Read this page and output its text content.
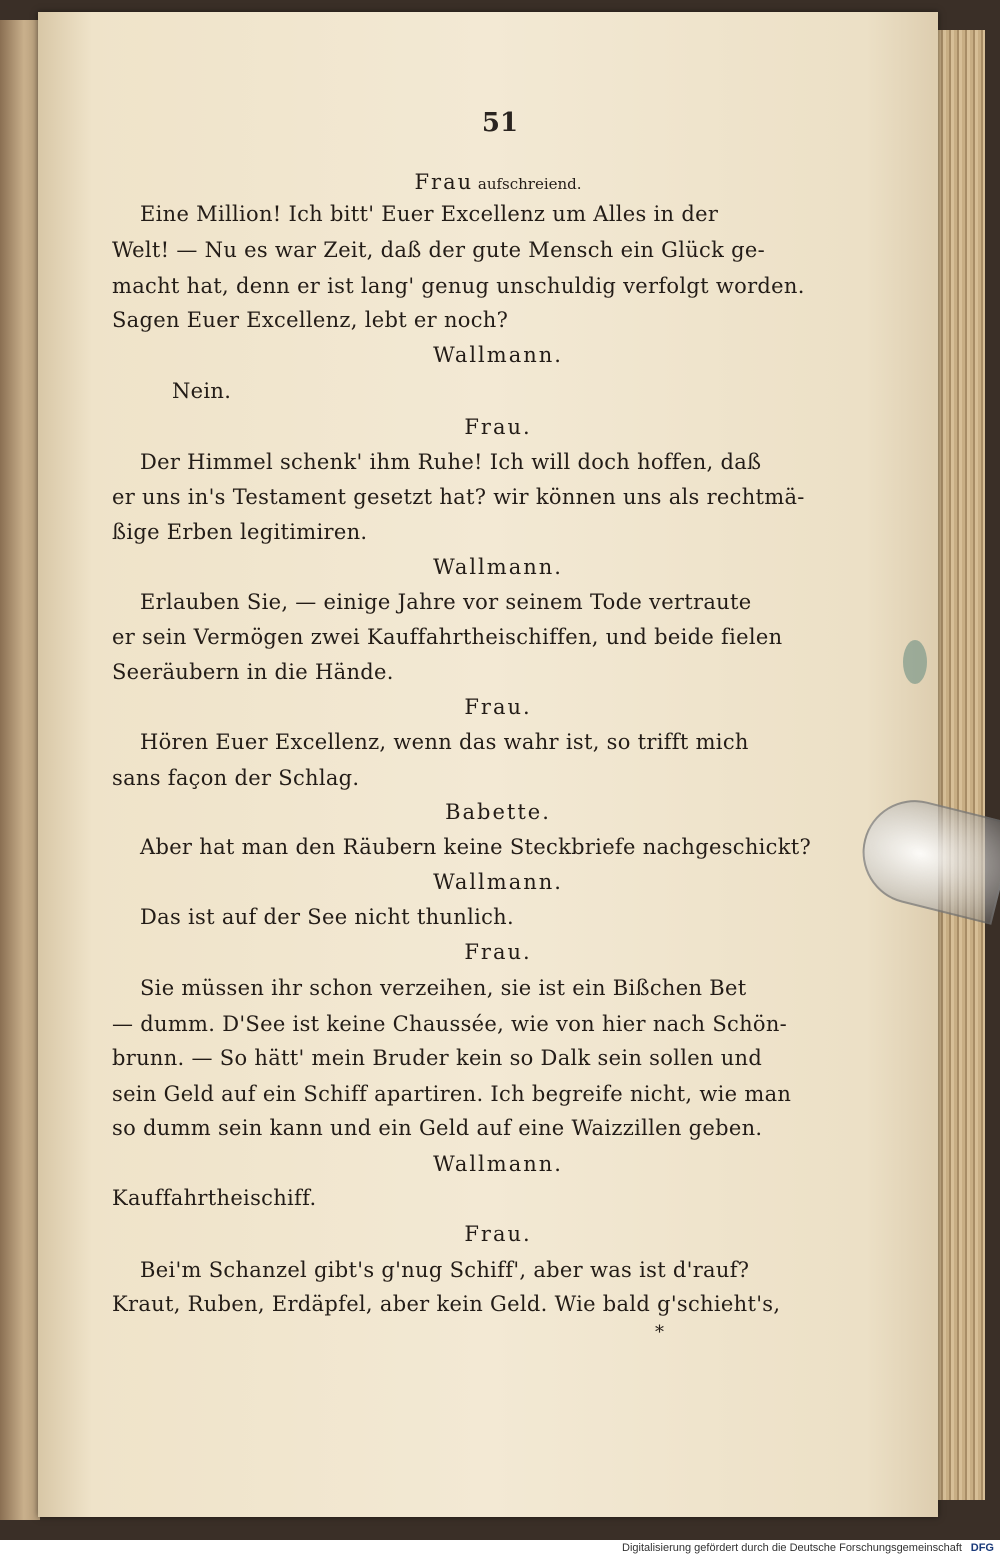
51
Frau aufschreiend.
Eine Million! Ich bitt' Euer Excellenz um Alles in der
Welt! — Nu es war Zeit, daß der gute Mensch ein Glück ge-
macht hat, denn er ist lang' genug unschuldig verfolgt worden.
Sagen Euer Excellenz, lebt er noch?
Wallmann.
Nein.
Frau.
Der Himmel schenk' ihm Ruhe! Ich will doch hoffen, daß
er uns in's Testament gesetzt hat? wir können uns als rechtmä-
ßige Erben legitimiren.
Wallmann.
Erlauben Sie, — einige Jahre vor seinem Tode vertraute
er sein Vermögen zwei Kauffahrtheischiffen, und beide fielen
Seeräubern in die Hände.
Frau.
Hören Euer Excellenz, wenn das wahr ist, so trifft mich
sans façon der Schlag.
Babette.
Aber hat man den Räubern keine Steckbriefe nachgeschickt?
Wallmann.
Das ist auf der See nicht thunlich.
Frau.
Sie müssen ihr schon verzeihen, sie ist ein Bißchen Bet
— dumm. D'See ist keine Chaussée, wie von hier nach Schön-
brunn. — So hätt' mein Bruder kein so Dalk sein sollen und
sein Geld auf ein Schiff apartiren. Ich begreife nicht, wie man
so dumm sein kann und ein Geld auf eine Waizzillen geben.
Wallmann.
Kauffahrtheischiff.
Frau.
Bei'm Schanzel gibt's g'nug Schiff', aber was ist d'rauf?
Kraut, Ruben, Erdäpfel, aber kein Geld. Wie bald g'schieht's,
*
Digitalisierung gefördert durch die Deutsche Forschungsgemeinschaft DFG
